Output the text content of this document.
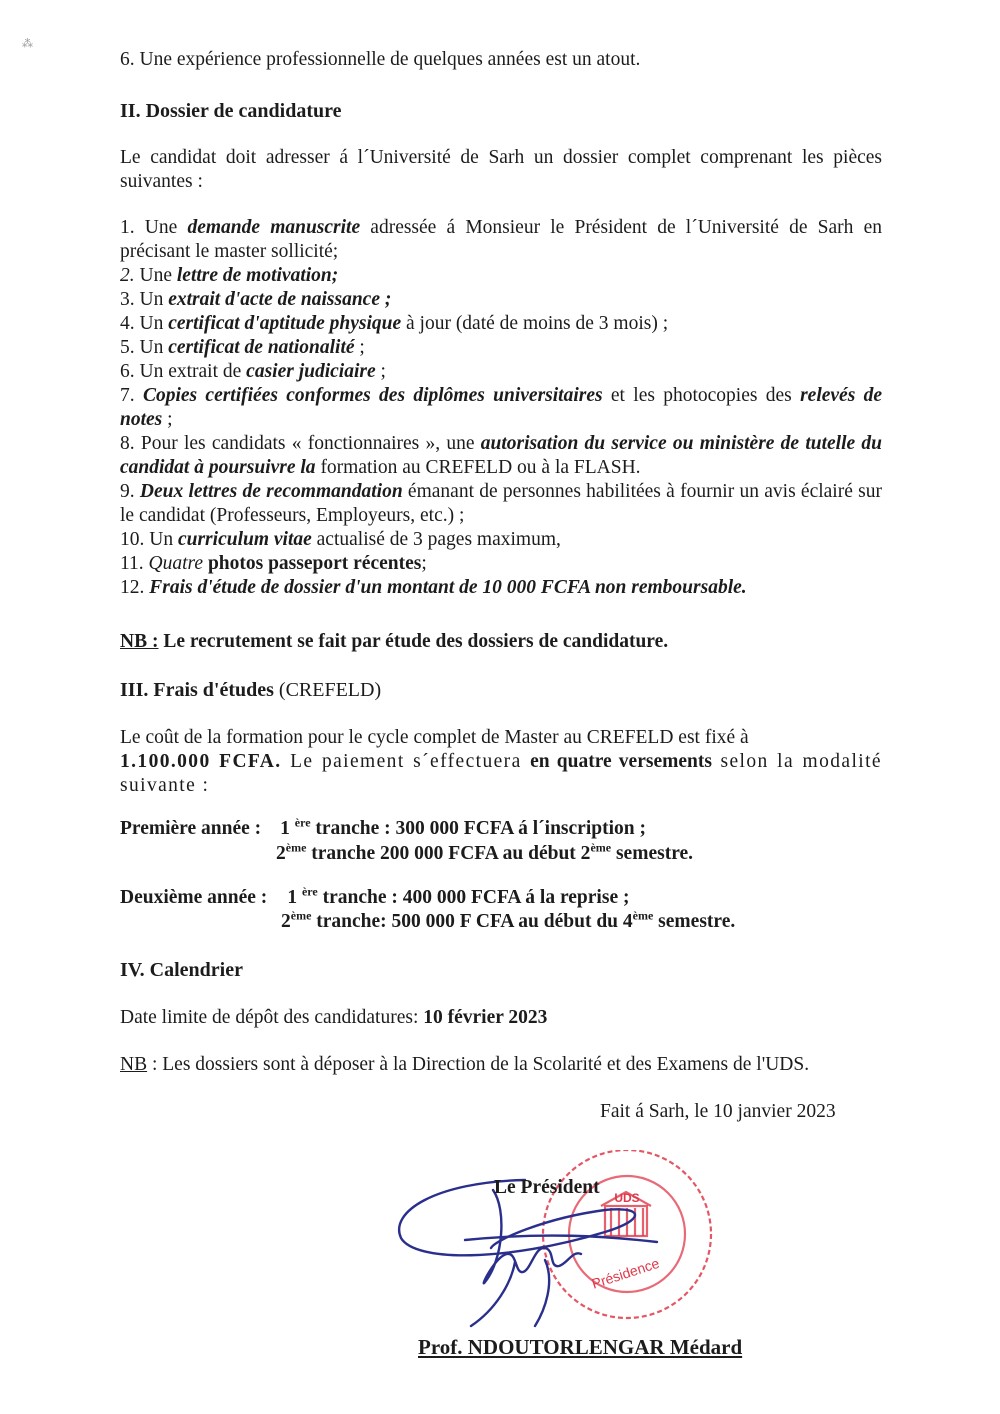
⁂
6. Une expérience professionnelle de quelques années est un atout.
II. Dossier de candidature
Le candidat doit adresser á l´Université de Sarh un dossier complet comprenant les pièces suivantes :
1. Une demande manuscrite adressée á Monsieur le Président de l´Université de Sarh en précisant le master sollicité;
2. Une lettre de motivation;
3. Un extrait d'acte de naissance ;
4. Un certificat d'aptitude physique à jour (daté de moins de 3 mois) ;
5. Un certificat de nationalité ;
6. Un extrait de casier judiciaire ;
7. Copies certifiées conformes des diplômes universitaires et les photocopies des relevés de notes ;
8. Pour les candidats « fonctionnaires », une autorisation du service ou ministère de tutelle du candidat à poursuivre la formation au CREFELD ou à la FLASH.
9. Deux lettres de recommandation émanant de personnes habilitées à fournir un avis éclairé sur le candidat (Professeurs, Employeurs, etc.) ;
10. Un curriculum vitae actualisé de 3 pages maximum,
11. Quatre photos passeport récentes;
12. Frais d'étude de dossier d'un montant de 10 000 FCFA non remboursable.
NB : Le recrutement se fait par étude des dossiers de candidature.
III. Frais d'études (CREFELD)
Le coût de la formation pour le cycle complet de Master au CREFELD est fixé à
1.100.000 FCFA. Le paiement s´effectuera en quatre versements selon la modalité suivante :
Première année : 1 $^{ère}$ tranche : 300 000 FCFA á l´inscription ;
2ème tranche 200 000 FCFA au début 2ème semestre.
Deuxième année : 1 $^{ère}$ tranche : 400 000 FCFA á la reprise ;
2ème tranche: 500 000 F CFA au début du 4ème semestre.
IV. Calendrier
Date limite de dépôt des candidatures: 10 février 2023
NB : Les dossiers sont à déposer à la Direction de la Scolarité et des Examens de l'UDS.
Fait á Sarh, le 10 janvier 2023
UDS
Présidence
Le Président
Prof. NDOUTORLENGAR Médard
